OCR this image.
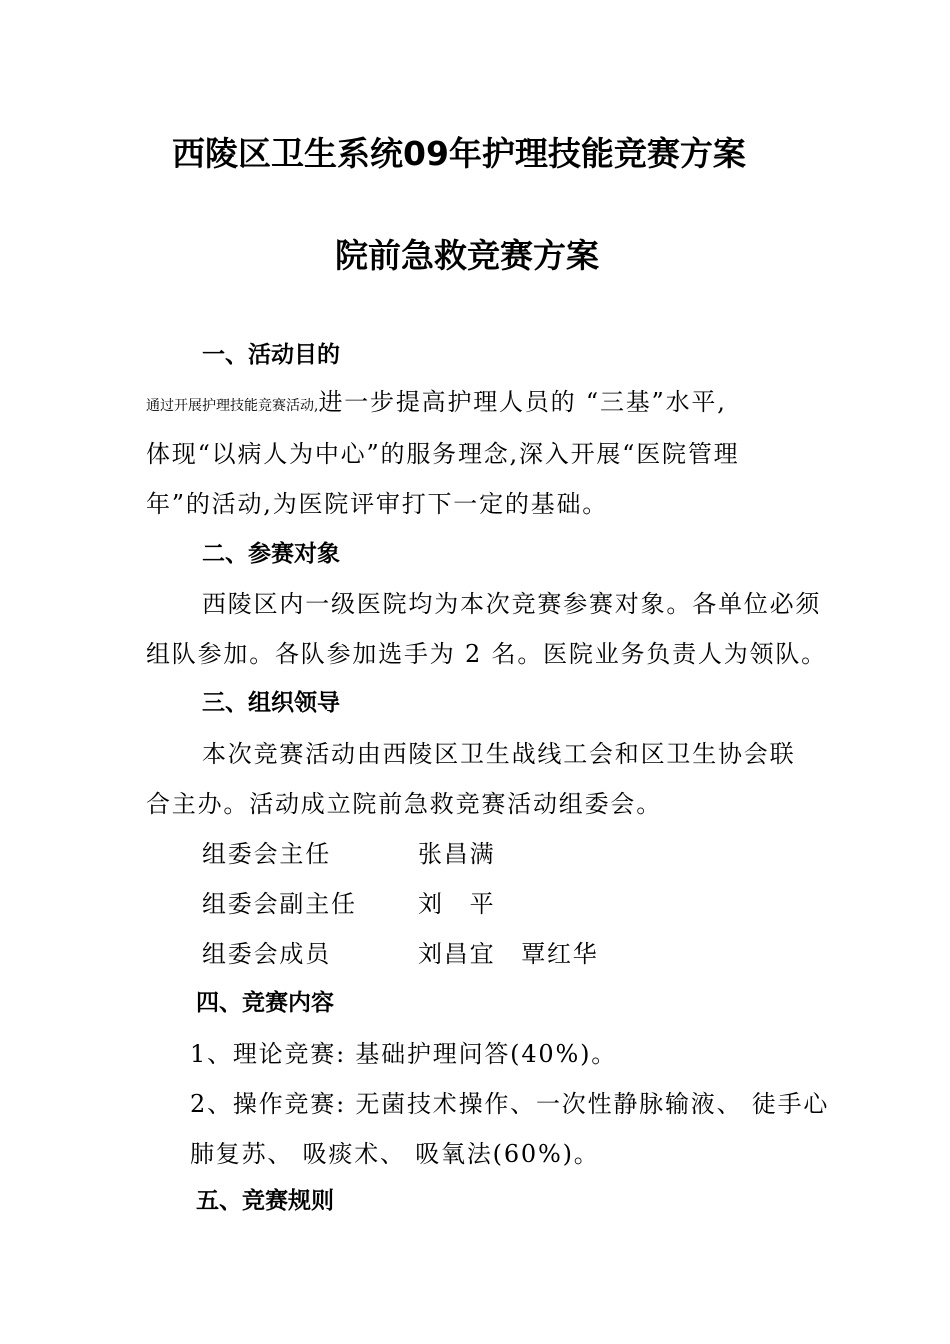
西陵区卫生系统09年护理技能竞赛方案
院前急救竞赛方案
一、活动目的
通过开展护理技能竞赛活动,进一步提高护理人员的 “三基”水平,
体现“以病人为中心”的服务理念,深入开展“医院管理
年”的活动,为医院评审打下一定的基础。
二、参赛对象
西陵区内一级医院均为本次竞赛参赛对象。各单位必须
组队参加。各队参加选手为 2 名。医院业务负责人为领队。
三、组织领导
本次竞赛活动由西陵区卫生战线工会和区卫生协会联
合主办。活动成立院前急救竞赛活动组委会。
组委会主任	张昌满
组委会副主任	刘　平
组委会成员	刘昌宜　覃红华
四、竞赛内容
1、理论竞赛: 基础护理问答(40%)。
2、操作竞赛: 无菌技术操作、一次性静脉输液、 徒手心
肺复苏、 吸痰术、 吸氧法(60%)。
五、竞赛规则
